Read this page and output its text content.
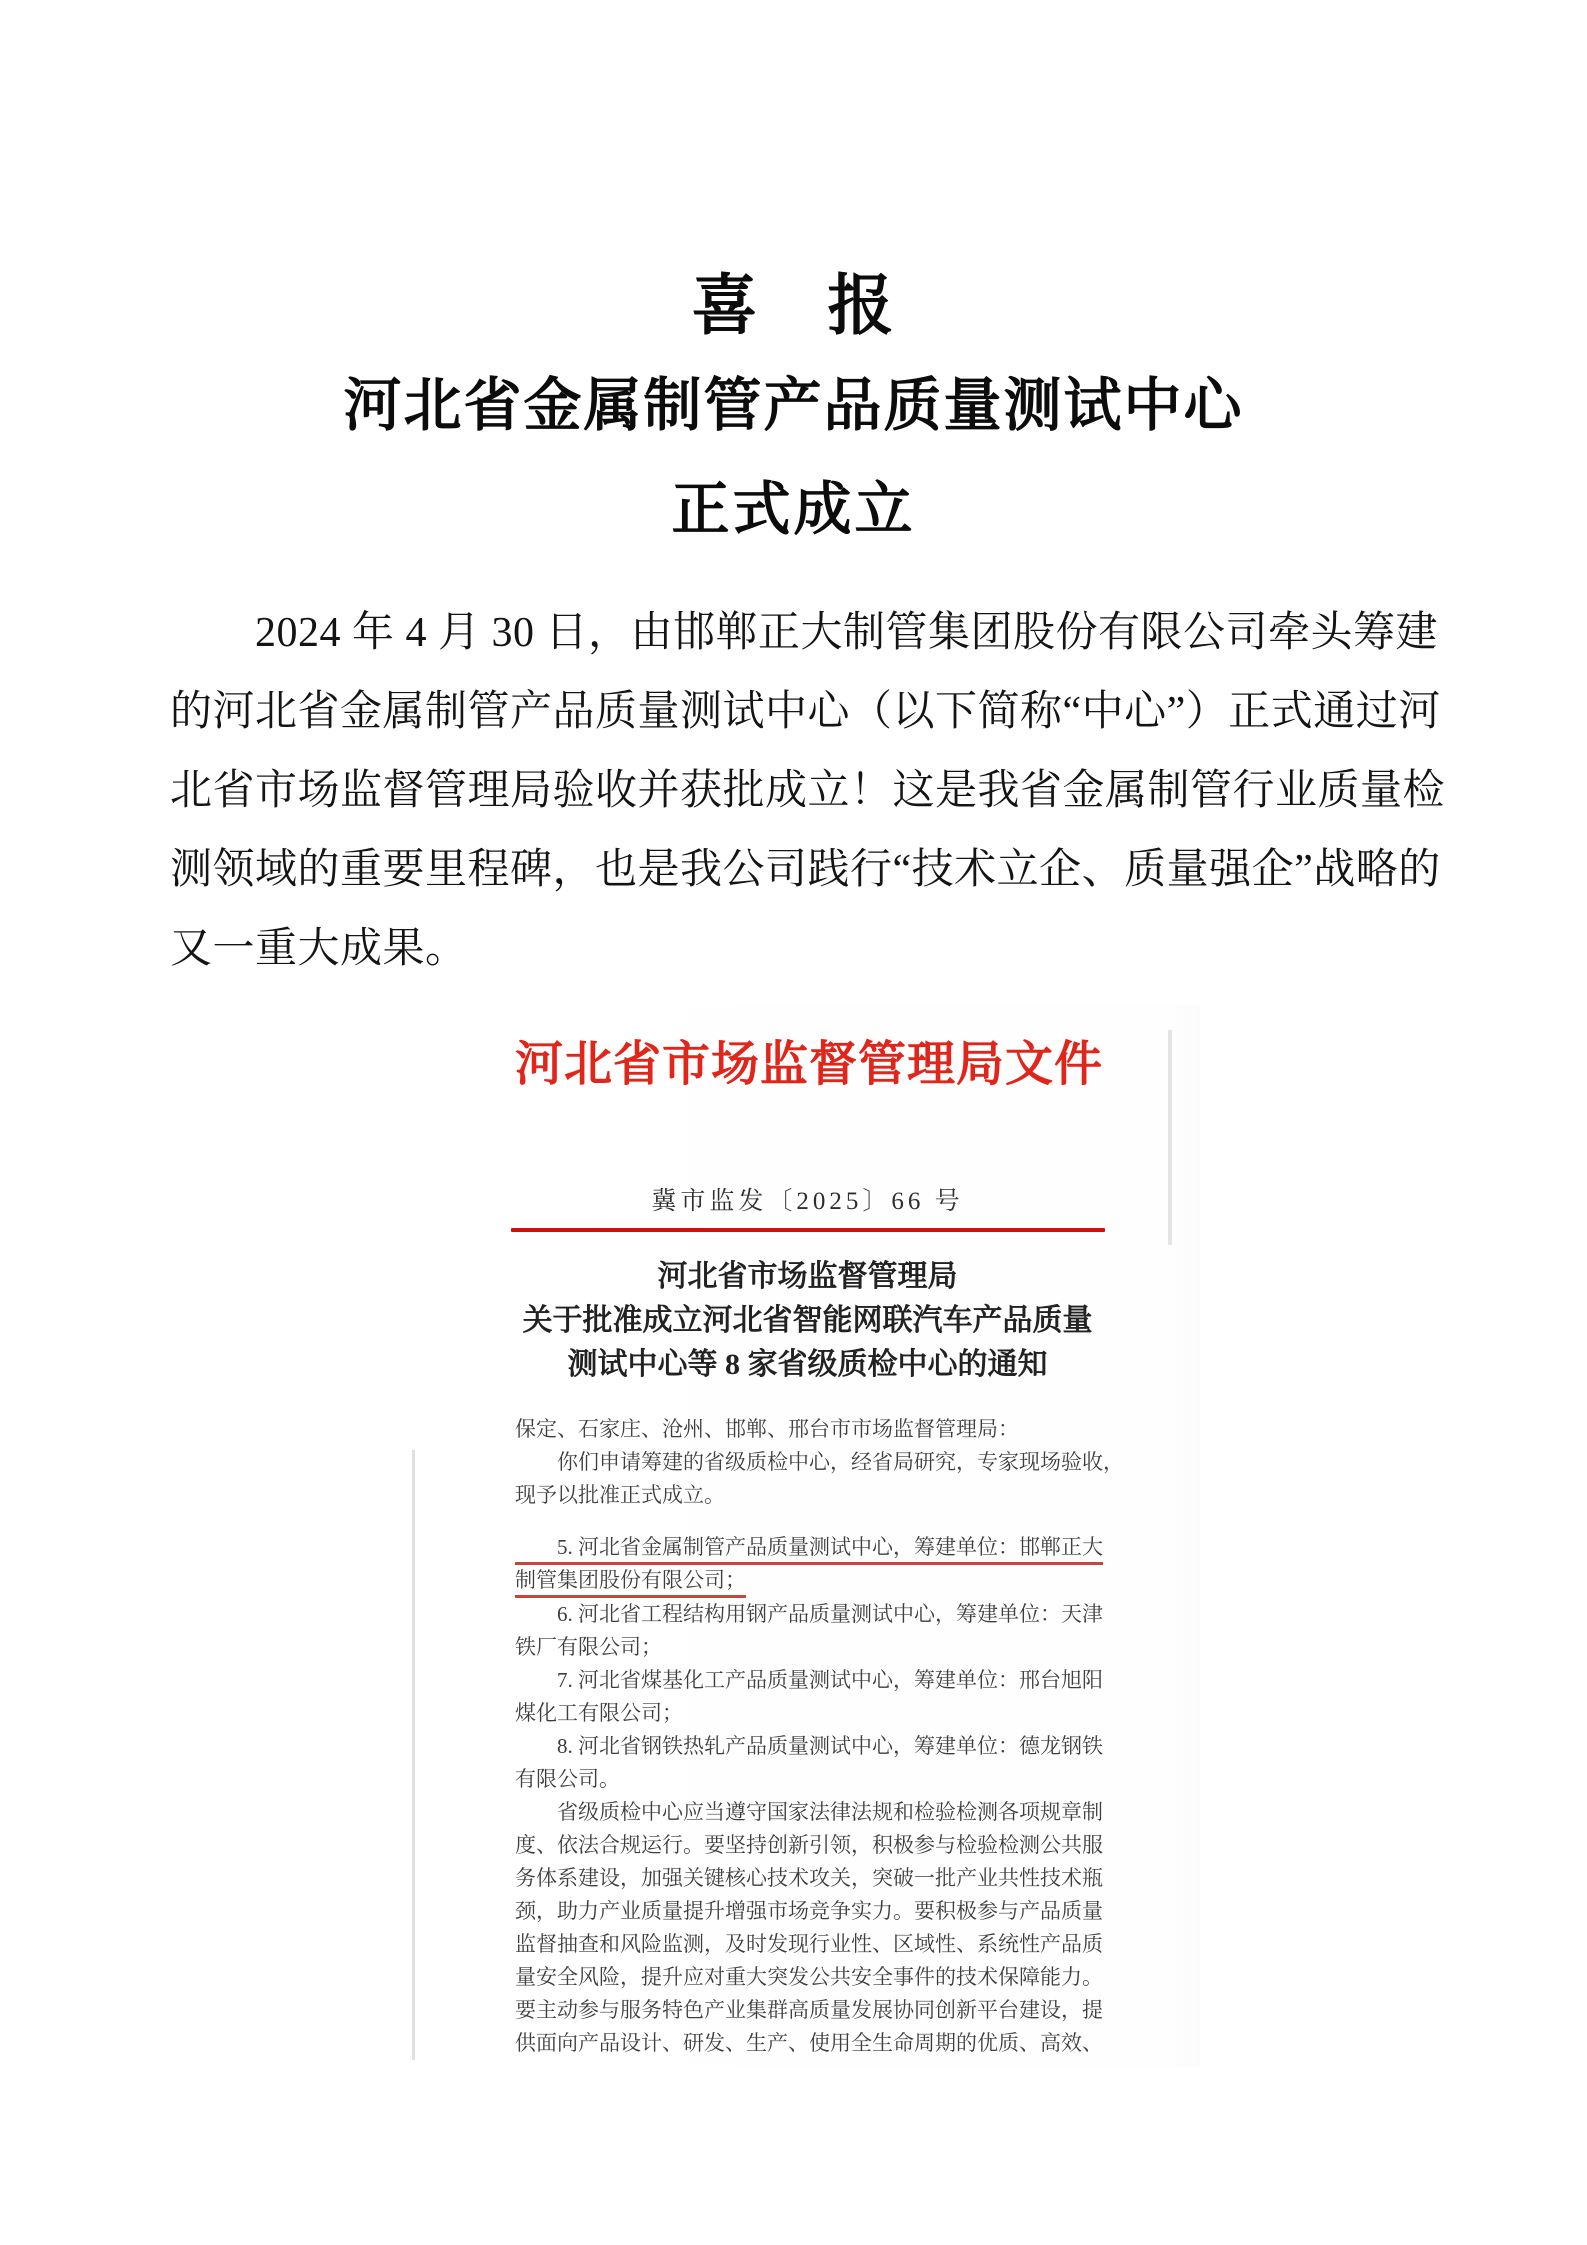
喜　报
河北省金属制管产品质量测试中心
正式成立
　　2024 年 4 月 30 日，由邯郸正大制管集团股份有限公司牵头筹建
的河北省金属制管产品质量测试中心（以下简称“中心”）正式通过河
北省市场监督管理局验收并获批成立！这是我省金属制管行业质量检
测领域的重要里程碑，也是我公司践行“技术立企、质量强企”战略的
又一重大成果。
河北省市场监督管理局文件
冀市监发〔2025〕66 号
河北省市场监督管理局
关于批准成立河北省智能网联汽车产品质量
测试中心等 8 家省级质检中心的通知
保定、石家庄、沧州、邯郸、邢台市市场监督管理局：
　　你们申请筹建的省级质检中心，经省局研究，专家现场验收，
现予以批准正式成立。
　　5. 河北省金属制管产品质量测试中心，筹建单位：邯郸正大
制管集团股份有限公司；
　　6. 河北省工程结构用钢产品质量测试中心，筹建单位：天津
铁厂有限公司；
　　7. 河北省煤基化工产品质量测试中心，筹建单位：邢台旭阳
煤化工有限公司；
　　8. 河北省钢铁热轧产品质量测试中心，筹建单位：德龙钢铁
有限公司。
　　省级质检中心应当遵守国家法律法规和检验检测各项规章制
度、依法合规运行。要坚持创新引领，积极参与检验检测公共服
务体系建设，加强关键核心技术攻关，突破一批产业共性技术瓶
颈，助力产业质量提升增强市场竞争实力。要积极参与产品质量
监督抽查和风险监测，及时发现行业性、区域性、系统性产品质
量安全风险，提升应对重大突发公共安全事件的技术保障能力。
要主动参与服务特色产业集群高质量发展协同创新平台建设，提
供面向产品设计、研发、生产、使用全生命周期的优质、高效、
